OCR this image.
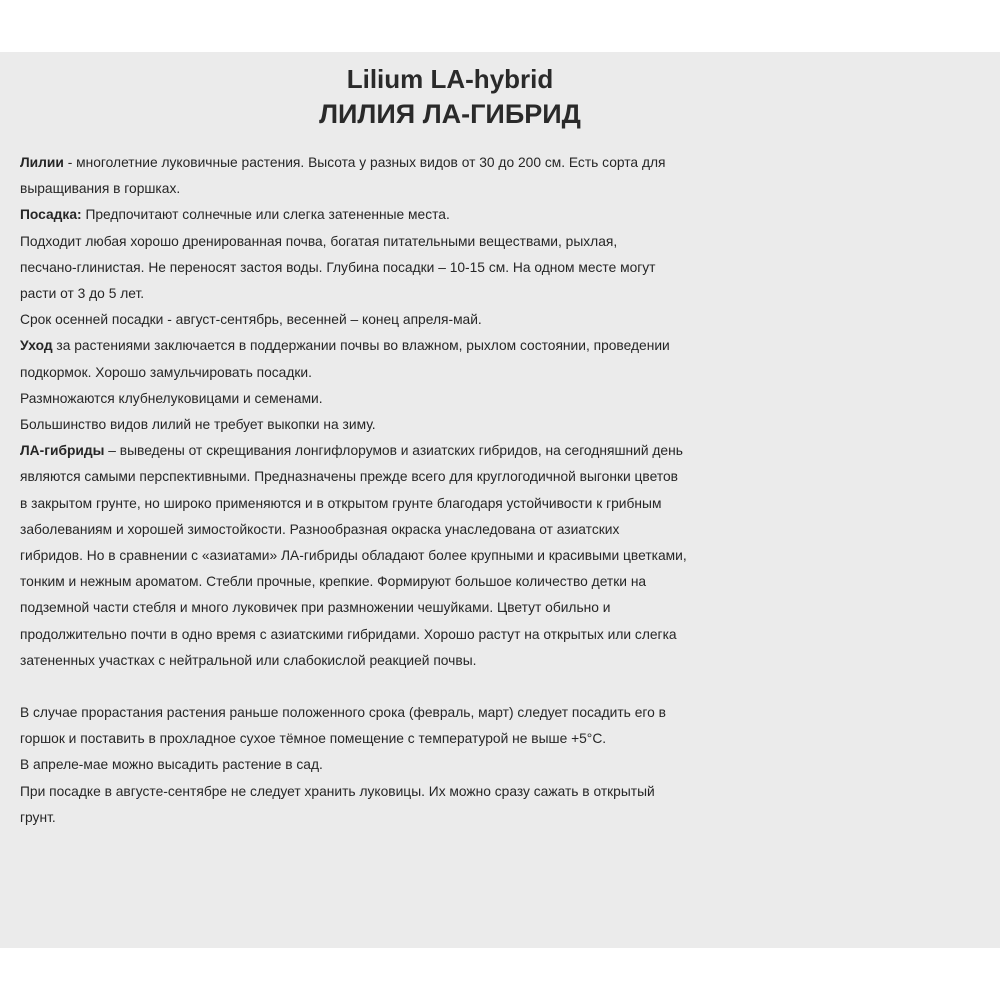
Lilium LA-hybrid
ЛИЛИЯ ЛА-ГИБРИД
Лилии - многолетние луковичные растения. Высота у разных видов от 30 до 200 см. Есть сорта для
выращивания в горшках.
Посадка: Предпочитают солнечные или слегка затененные места.
Подходит любая хорошо дренированная почва, богатая питательными веществами, рыхлая,
песчано-глинистая. Не переносят застоя воды. Глубина посадки – 10-15 см. На одном месте могут
расти от 3 до 5 лет.
Срок осенней посадки - август-сентябрь, весенней – конец апреля-май.
Уход за растениями заключается в поддержании почвы во влажном, рыхлом состоянии, проведении
подкормок. Хорошо замульчировать посадки.
Размножаются клубнелуковицами и семенами.
Большинство видов лилий не требует выкопки на зиму.
ЛА-гибриды – выведены от скрещивания лонгифлорумов и азиатских гибридов, на сегодняшний день
являются самыми перспективными. Предназначены прежде всего для круглогодичной выгонки цветов
в закрытом грунте, но широко применяются и в открытом грунте благодаря устойчивости к грибным
заболеваниям и хорошей зимостойкости. Разнообразная окраска унаследована от азиатских
гибридов. Но в сравнении с «азиатами» ЛА-гибриды обладают более крупными и красивыми цветками,
тонким и нежным ароматом. Стебли прочные, крепкие. Формируют большое количество детки на
подземной части стебля и много луковичек при размножении чешуйками. Цветут обильно и
продолжительно почти в одно время с азиатскими гибридами. Хорошо растут на открытых или слегка
затененных участках с нейтральной или слабокислой реакцией почвы.
В случае прорастания растения раньше положенного срока (февраль, март) следует посадить его в
горшок и поставить в прохладное сухое тёмное помещение с температурой не выше +5°С.
В апреле-мае можно высадить растение в сад.
При посадке в августе-сентябре не следует хранить луковицы. Их можно сразу сажать в открытый
грунт.
